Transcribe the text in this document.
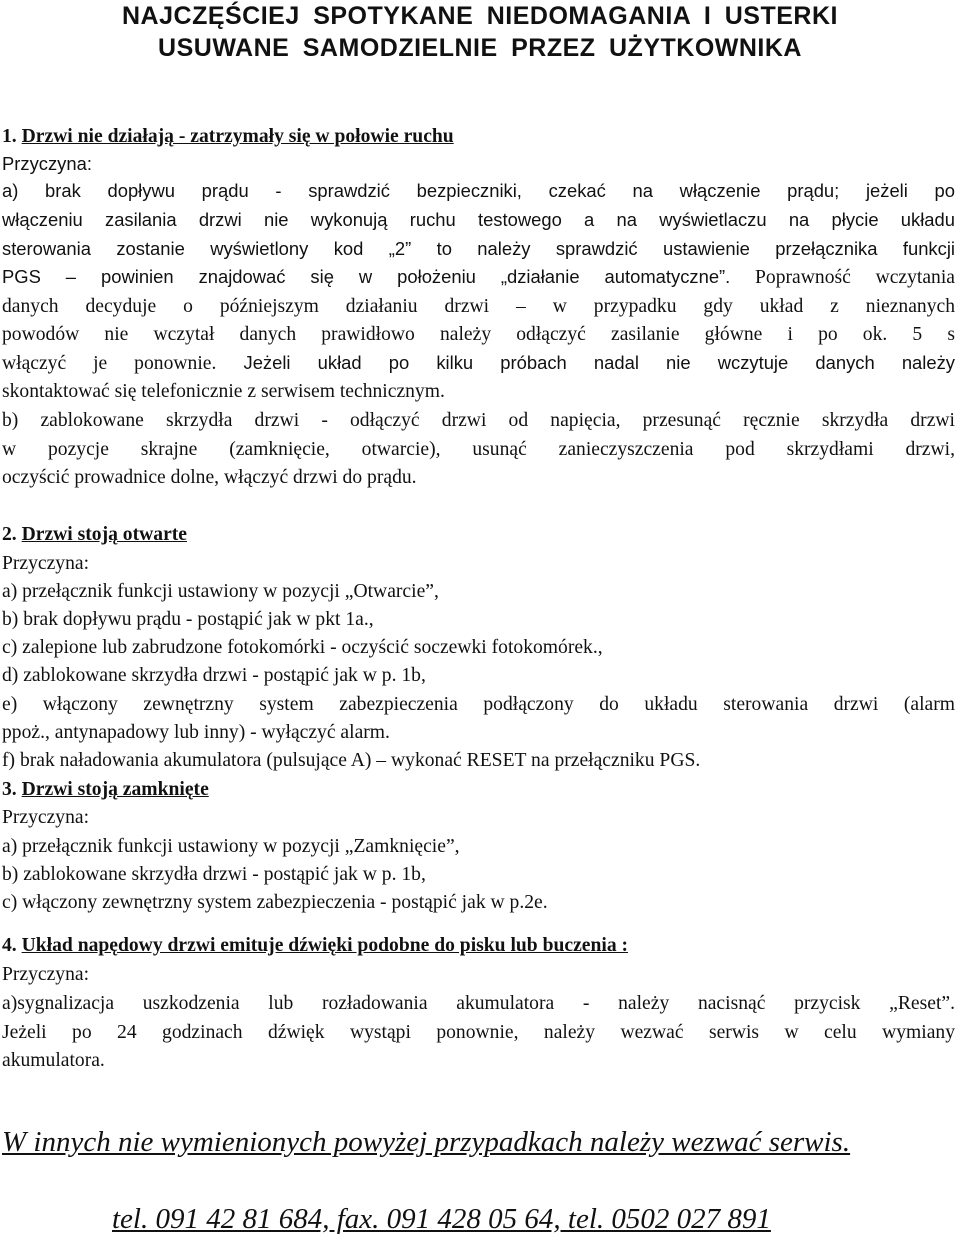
NAJCZĘŚCIEJ SPOTYKANE NIEDOMAGANIA I USTERKI
USUWANE SAMODZIELNIE PRZEZ UŻYTKOWNIKA
1. Drzwi nie działają - zatrzymały się w połowie ruchu
Przyczyna:
a) brak dopływu prądu - sprawdzić bezpieczniki, czekać na włączenie prądu; jeżeli po
włączeniu zasilania drzwi nie wykonują ruchu testowego a na wyświetlaczu na płycie układu
sterowania zostanie wyświetlony kod „2” to należy sprawdzić ustawienie przełącznika funkcji
PGS – powinien znajdować się w położeniu „działanie automatyczne”. Poprawność wczytania
danych decyduje o późniejszym działaniu drzwi – w przypadku gdy układ z nieznanych
powodów nie wczytał danych prawidłowo należy odłączyć zasilanie główne i po ok. 5 s
włączyć je ponownie. Jeżeli układ po kilku próbach nadal nie wczytuje danych należy
skontaktować się telefonicznie z serwisem technicznym.
b) zablokowane skrzydła drzwi - odłączyć drzwi od napięcia, przesunąć ręcznie skrzydła drzwi
w pozycje skrajne (zamknięcie, otwarcie), usunąć zanieczyszczenia pod skrzydłami drzwi,
oczyścić prowadnice dolne, włączyć drzwi do prądu.
2. Drzwi stoją otwarte
Przyczyna:
a) przełącznik funkcji ustawiony w pozycji „Otwarcie”,
b) brak dopływu prądu - postąpić jak w pkt 1a.,
c) zalepione lub zabrudzone fotokomórki - oczyścić soczewki fotokomórek.,
d) zablokowane skrzydła drzwi - postąpić jak w p. 1b,
e) włączony zewnętrzny system zabezpieczenia podłączony do układu sterowania drzwi (alarm
ppoż., antynapadowy lub inny) - wyłączyć alarm.
f) brak naładowania akumulatora (pulsujące A) – wykonać RESET na przełączniku PGS.
3. Drzwi stoją zamknięte
Przyczyna:
a) przełącznik funkcji ustawiony w pozycji „Zamknięcie”,
b) zablokowane skrzydła drzwi - postąpić jak w p. 1b,
c) włączony zewnętrzny system zabezpieczenia - postąpić jak w p.2e.
4. Układ napędowy drzwi emituje dźwięki podobne do pisku lub buczenia :
Przyczyna:
a)sygnalizacja uszkodzenia lub rozładowania akumulatora - należy nacisnąć przycisk „Reset”.
Jeżeli po 24 godzinach dźwięk wystąpi ponownie, należy wezwać serwis w celu wymiany
akumulatora.
W innych nie wymienionych powyżej przypadkach należy wezwać serwis.
tel. 091 42 81 684, fax. 091 428 05 64, tel. 0502 027 891
